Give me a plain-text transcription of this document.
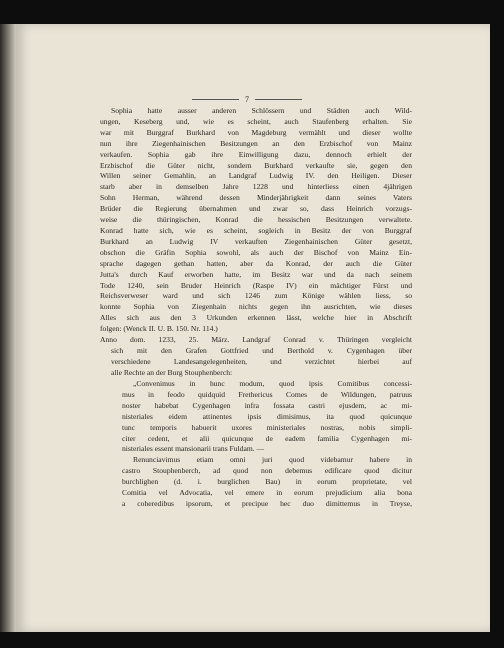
7
Sophia hatte ausser anderen Schlössern und Städten auch Wild-
ungen, Keseberg und, wie es scheint, auch Staufenberg erhalten. Sie
war mit Burggraf Burkhard von Magdeburg vermählt und dieser wollte
nun ihre Ziegenhainischen Besitzungen an den Erzbischof von Mainz
verkaufen. Sophia gab ihre Einwilligung dazu, dennoch erhielt der
Erzbischof die Güter nicht, sondern Burkhard verkaufte sie, gegen den
Willen seiner Gemahlin, an Landgraf Ludwig IV. den Heiligen. Dieser
starb aber in demselben Jahre 1228 und hinterliess einen 4jährigen
Sohn Herman, während dessen Minderjährigkeit dann seines Vaters
Brüder die Regierung übernahmen und zwar so, dass Heinrich vorzugs-
weise die thüringischen, Konrad die hessischen Besitzungen verwaltete.
Konrad hatte sich, wie es scheint, sogleich in Besitz der von Burggraf
Burkhard an Ludwig IV verkauften Ziegenhainischen Güter gesetzt,
obschon die Gräfin Sophia sowohl, als auch der Bischof von Mainz Ein-
sprache dagegen gethan hatten, aber da Konrad, der auch die Güter
Jutta's durch Kauf erworben hatte, im Besitz war und da nach seinem
Tode 1240, sein Bruder Heinrich (Raspe IV) ein mächtiger Fürst und
Reichsverweser ward und sich 1246 zum Könige wählen liess, so
konnte Sophia von Ziegenhain nichts gegen ihn ausrichten, wie dieses
Alles sich aus den 3 Urkunden erkennen lässt, welche hier in Abschrift
folgen: (Wenck II. U. B. 150. Nr. 114.)
Anno dom. 1233, 25. März. Landgraf Conrad v. Thüringen vergleicht
sich mit den Grafen Gottfried und Berthold v. Cygenhagen über
verschiedene Landesangelegenheiten, und verzichtet hierbei auf
alle Rechte an der Burg Stouphenberch:
„Convenimus in hunc modum, quod ipsis Comitibus concessi-
mus in feodo quidquid Frethericus Comes de Wildungen, patruus
noster habebat Cygenhagen infra fossata castri ejusdem, ac mi-
nisteriales eidem attinentes ipsis dimisimus, ita quod quicunque
tunc temporis habuerit uxores ministeriales nostras, nobis simpli-
citer cedent, et alii quicunque de eadem familia Cygenhagen mi-
nisteriales essent mansionarii trans Fuldam. —
Renunciavimus etiam omni juri quod videbamur habere in
castro Stouphenberch, ad quod non debemus edificare quod dicitur
burchlighen (d. i. burglichen Bau) in eorum proprietate, vel
Comitia vel Advocatia, vel emere in eorum prejudicium alia bona
a coheredibus ipsorum, et precipue hec duo dimittemus in Treyse,
